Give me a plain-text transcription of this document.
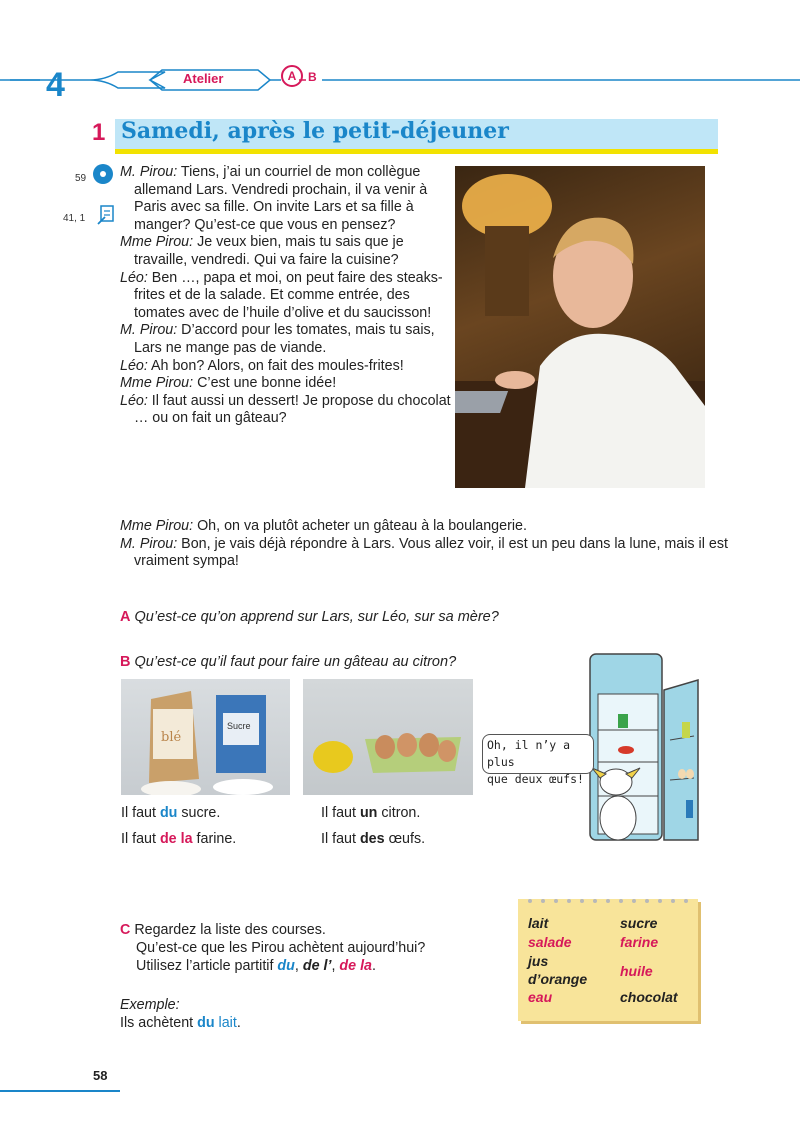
4	Atelier	A B
1 Samedi, après le petit-déjeuner
59
41, 1
M. Pirou: Tiens, j’ai un courriel de mon collègue allemand Lars. Vendredi prochain, il va venir à Paris avec sa fille. On invite Lars et sa fille à manger? Qu’est-ce que vous en pensez?
Mme Pirou: Je veux bien, mais tu sais que je travaille, vendredi. Qui va faire la cuisine?
Léo: Ben …, papa et moi, on peut faire des steaks-frites et de la salade. Et comme entrée, des tomates avec de l’huile d’olive et du saucisson!
M. Pirou: D’accord pour les tomates, mais tu sais, Lars ne mange pas de viande.
Léo: Ah bon? Alors, on fait des moules-frites!
Mme Pirou: C’est une bonne idée!
Léo: Il faut aussi un dessert! Je propose du chocolat … ou on fait un gâteau?
Mme Pirou: Oh, on va plutôt acheter un gâteau à la boulangerie.
M. Pirou: Bon, je vais déjà répondre à Lars. Vous allez voir, il est un peu dans la lune, mais il est vraiment sympa!
A Qu’est-ce qu’on apprend sur Lars, sur Léo, sur sa mère?
B Qu’est-ce qu’il faut pour faire un gâteau au citron?
blé
Sucre
Il faut du sucre.
Il faut de la farine.
Il faut un citron.
Il faut des œufs.
Oh, il n’y a plus
que deux œufs!
C Regardez la liste des courses.
Qu’est-ce que les Pirou achètent aujourd’hui?
Utilisez l’article partitif du, de l’, de la.
Exemple:
Ils achètent du lait.
lait
salade
jus
d’orange
eau
sucre
farine
huile
chocolat
58
